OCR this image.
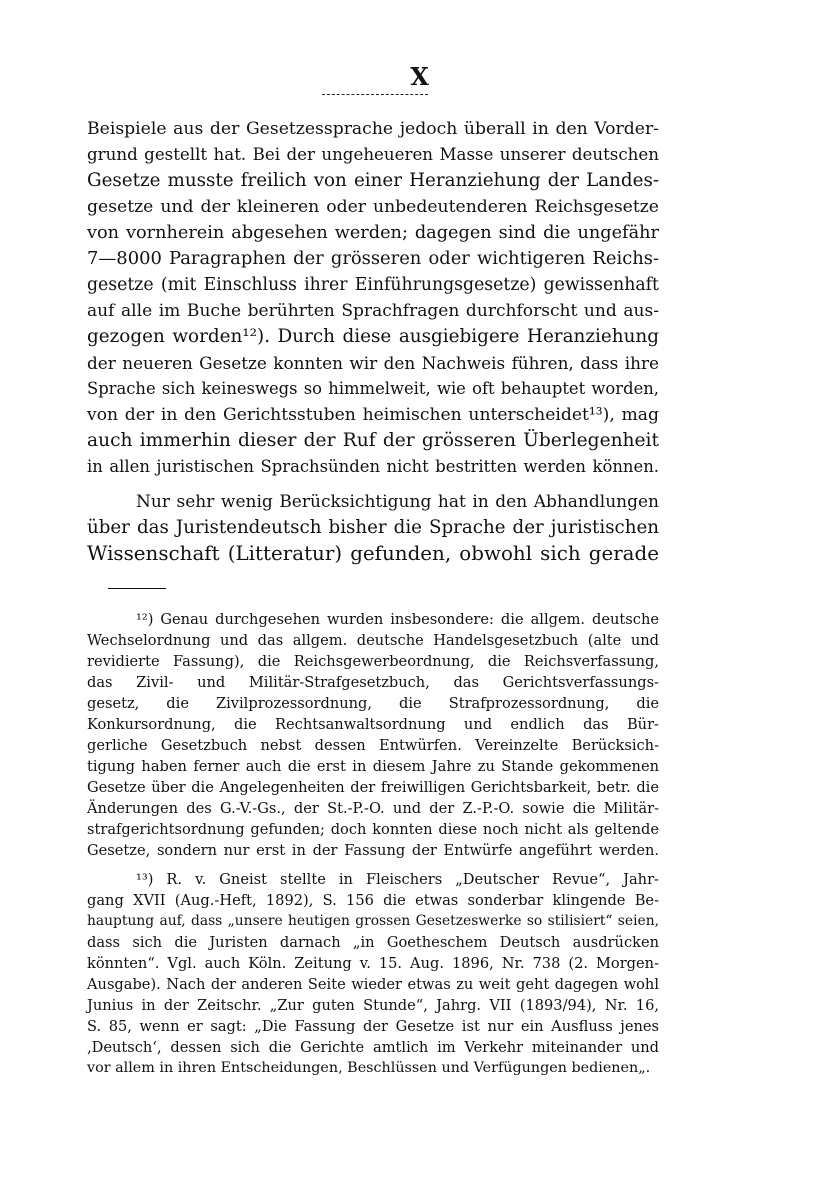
X
Beispiele aus der Gesetzessprache jedoch überall in den Vorder-
grund gestellt hat. Bei der ungeheueren Masse unserer deutschen
Gesetze musste freilich von einer Heranziehung der Landes-
gesetze und der kleineren oder unbedeutenderen Reichsgesetze
von vornherein abgesehen werden; dagegen sind die ungefähr
7—8000 Paragraphen der grösseren oder wichtigeren Reichs-
gesetze (mit Einschluss ihrer Einführungsgesetze) gewissenhaft
auf alle im Buche berührten Sprachfragen durchforscht und aus-
gezogen worden¹²). Durch diese ausgiebigere Heranziehung
der neueren Gesetze konnten wir den Nachweis führen, dass ihre
Sprache sich keineswegs so himmelweit, wie oft behauptet worden,
von der in den Gerichtsstuben heimischen unterscheidet¹³), mag
auch immerhin dieser der Ruf der grösseren Überlegenheit
in allen juristischen Sprachsünden nicht bestritten werden können.
Nur sehr wenig Berücksichtigung hat in den Abhandlungen
über das Juristendeutsch bisher die Sprache der juristischen
Wissenschaft (Litteratur) gefunden, obwohl sich gerade
¹²) Genau durchgesehen wurden insbesondere: die allgem. deutsche
Wechselordnung und das allgem. deutsche Handelsgesetzbuch (alte und
revidierte Fassung), die Reichsgewerbeordnung, die Reichsverfassung,
das Zivil- und Militär-Strafgesetzbuch, das Gerichtsverfassungs-
gesetz, die Zivilprozessordnung, die Strafprozessordnung, die
Konkursordnung, die Rechtsanwaltsordnung und endlich das Bür-
gerliche Gesetzbuch nebst dessen Entwürfen. Vereinzelte Berücksich-
tigung haben ferner auch die erst in diesem Jahre zu Stande gekommenen
Gesetze über die Angelegenheiten der freiwilligen Gerichtsbarkeit, betr. die
Änderungen des G.-V.-Gs., der St.-P.-O. und der Z.-P.-O. sowie die Militär-
strafgerichtsordnung gefunden; doch konnten diese noch nicht als geltende
Gesetze, sondern nur erst in der Fassung der Entwürfe angeführt werden.
¹³) R. v. Gneist stellte in Fleischers „Deutscher Revue“, Jahr-
gang XVII (Aug.-Heft, 1892), S. 156 die etwas sonderbar klingende Be-
hauptung auf, dass „unsere heutigen grossen Gesetzeswerke so stilisiert“ seien,
dass sich die Juristen darnach „in Goetheschem Deutsch ausdrücken
könnten“. Vgl. auch Köln. Zeitung v. 15. Aug. 1896, Nr. 738 (2. Morgen-
Ausgabe). Nach der anderen Seite wieder etwas zu weit geht dagegen wohl
Junius in der Zeitschr. „Zur guten Stunde“, Jahrg. VII (1893/94), Nr. 16,
S. 85, wenn er sagt: „Die Fassung der Gesetze ist nur ein Ausfluss jenes
‚Deutsch‘, dessen sich die Gerichte amtlich im Verkehr miteinander und
vor allem in ihren Entscheidungen, Beschlüssen und Verfügungen bedienen„.
